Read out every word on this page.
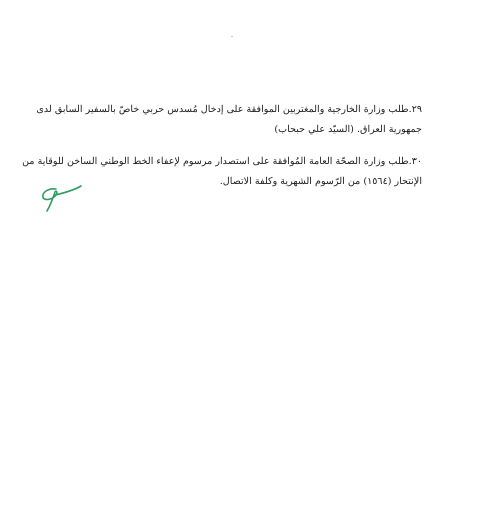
٢٩.طلب وزارة الخارجية والمغتربين الموافقة على إدخال مُسدس حربي خاصّ بالسفير السابق لدى
جمهورية العراق. (السيّد علي حبحاب)
٣٠.طلب وزارة الصحّة العامة المُوافقة على استصدار مرسوم لإعفاء الخط الوطني الساخن للوقاية من
الإنتحار (١٥٦٤) من الرّسوم الشهرية وكلفة الاتصال.
